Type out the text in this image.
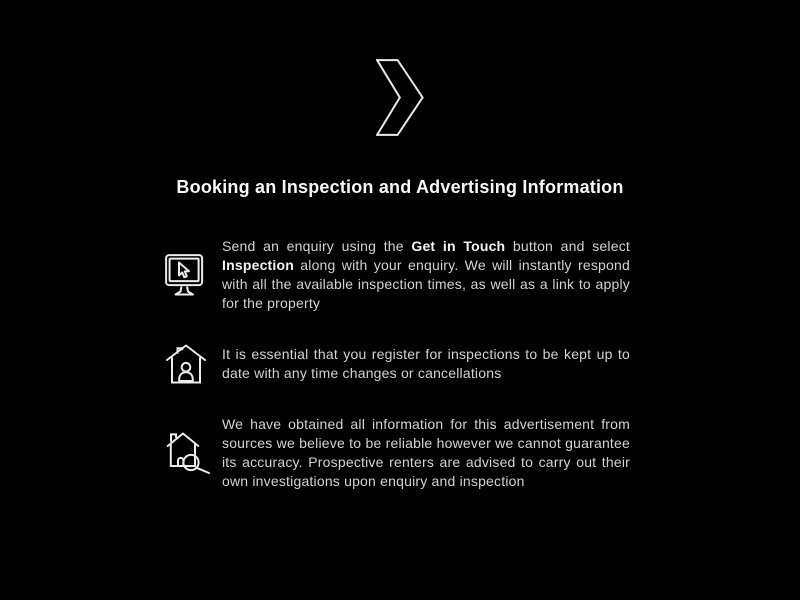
Booking an Inspection and Advertising Information

Send an enquiry using the Get in Touch button and select Inspection along with your enquiry. We will instantly respond with all the available inspection times, as well as a link to apply for the property

It is essential that you register for inspections to be kept up to date with any time changes or cancellations

We have obtained all information for this advertisement from sources we believe to be reliable however we cannot guarantee its accuracy. Prospective renters are advised to carry out their own investigations upon enquiry and inspection
